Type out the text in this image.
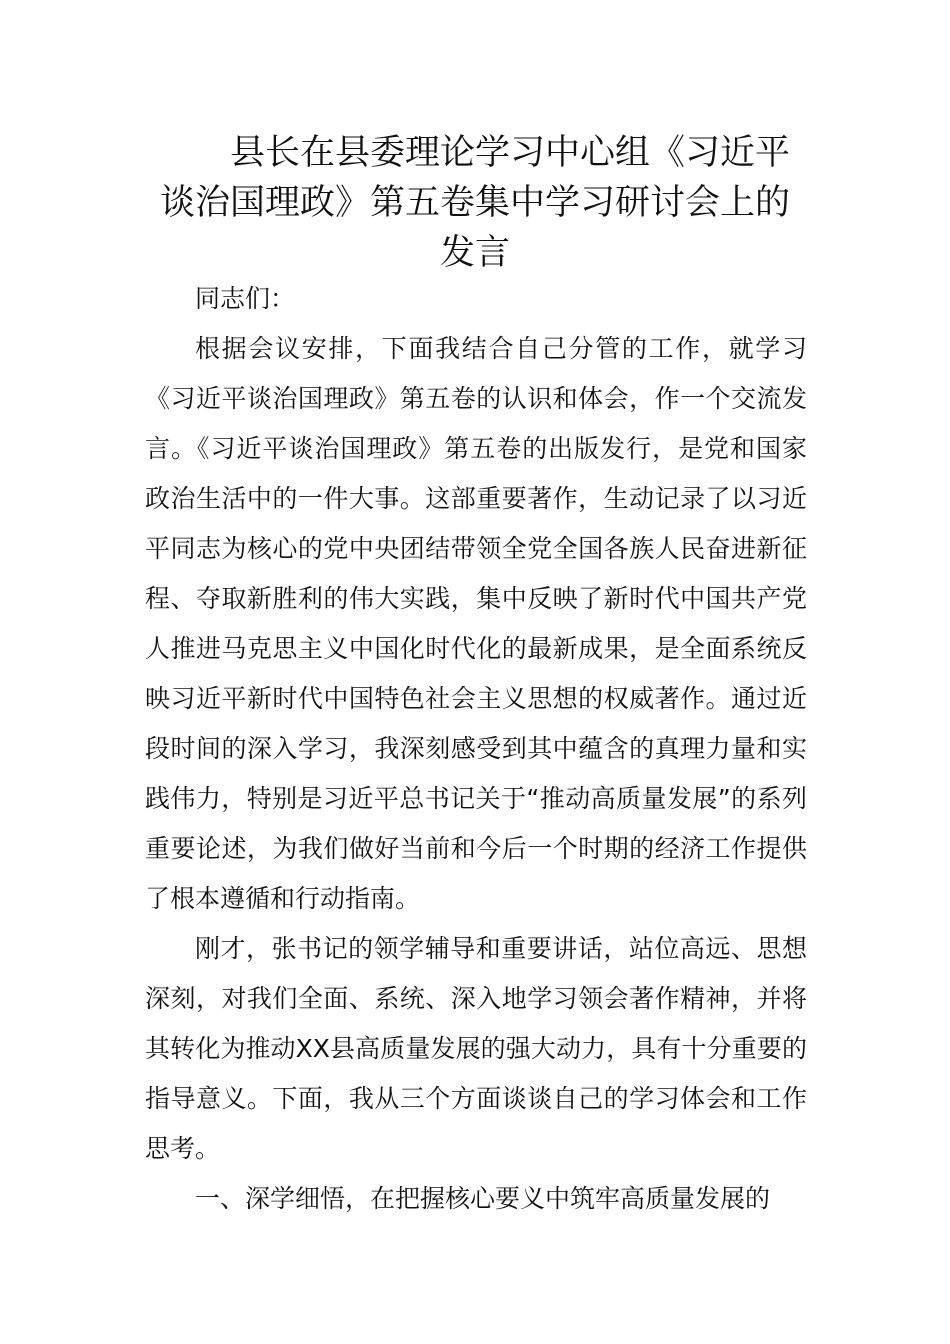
县长在县委理论学习中心组《习近平
谈治国理政》第五卷集中学习研讨会上的
发言

同志们：

根据会议安排，下面我结合自己分管的工作，就学习《习近平谈治国理政》第五卷的认识和体会，作一个交流发言。《习近平谈治国理政》第五卷的出版发行，是党和国家政治生活中的一件大事。这部重要著作，生动记录了以习近平同志为核心的党中央团结带领全党全国各族人民奋进新征程、夺取新胜利的伟大实践，集中反映了新时代中国共产党人推进马克思主义中国化时代化的最新成果，是全面系统反映习近平新时代中国特色社会主义思想的权威著作。通过近段时间的深入学习，我深刻感受到其中蕴含的真理力量和实践伟力，特别是习近平总书记关于“推动高质量发展”的系列重要论述，为我们做好当前和今后一个时期的经济工作提供了根本遵循和行动指南。

刚才，张书记的领学辅导和重要讲话，站位高远、思想深刻，对我们全面、系统、深入地学习领会著作精神，并将其转化为推动XX县高质量发展的强大动力，具有十分重要的指导意义。下面，我从三个方面谈谈自己的学习体会和工作思考。

一、深学细悟，在把握核心要义中筑牢高质量发展的
